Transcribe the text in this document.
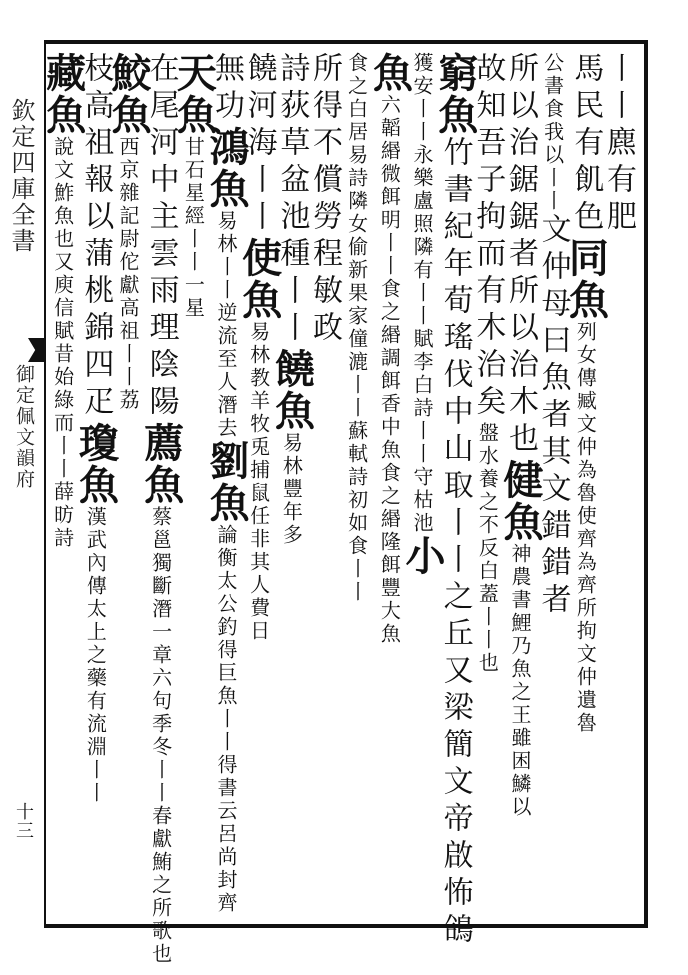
欽定四庫全書
御定佩文韻府
十三
丨丨麃有肥
馬民有飢色同魚列女傳臧文仲為魯使齊為齊所拘文仲遺魯
公書食我以丨丨文仲母曰魚者其文錯錯者
所以治鋸鋸者所以治木也健魚神農書鯉乃魚之王雖困鱗以
故知吾子拘而有木治矣盤水養之不反白蓋丨丨也
窮魚竹書紀年荀瑤伐中山取丨丨之丘又梁簡文帝啟怖鴿
獲安丨丨永樂盧照隣有丨丨賦李白詩丨丨守枯池小
魚六韜緡微餌明丨丨食之緡調餌香中魚食之緡隆餌豐大魚
食之白居易詩隣女偷新果家僮漉丨丨蘇軾詩初如食丨丨
所得不償勞程敏政
詩荻草盆池種丨丨饒魚易林豐年多
饒河海丨丨使魚易林教羊牧兎捕鼠任非其人費日
無功鴻魚易林丨丨逆流至人潛去劉魚論衡太公釣得巨魚丨丨得書云呂尚封齊
天魚甘石星經丨丨一星
在尾河中主雲雨理陰陽薦魚蔡邕獨斷潛一章六句季冬丨丨春獻鮪之所歌也
鮫魚西京雜記尉佗獻高祖丨丨荔
枝高祖報以蒲桃錦四疋瓊魚漢武內傳太上之藥有流淵丨丨
藏魚說文鮓魚也又庾信賦昔始綠而丨丨薛昉詩
